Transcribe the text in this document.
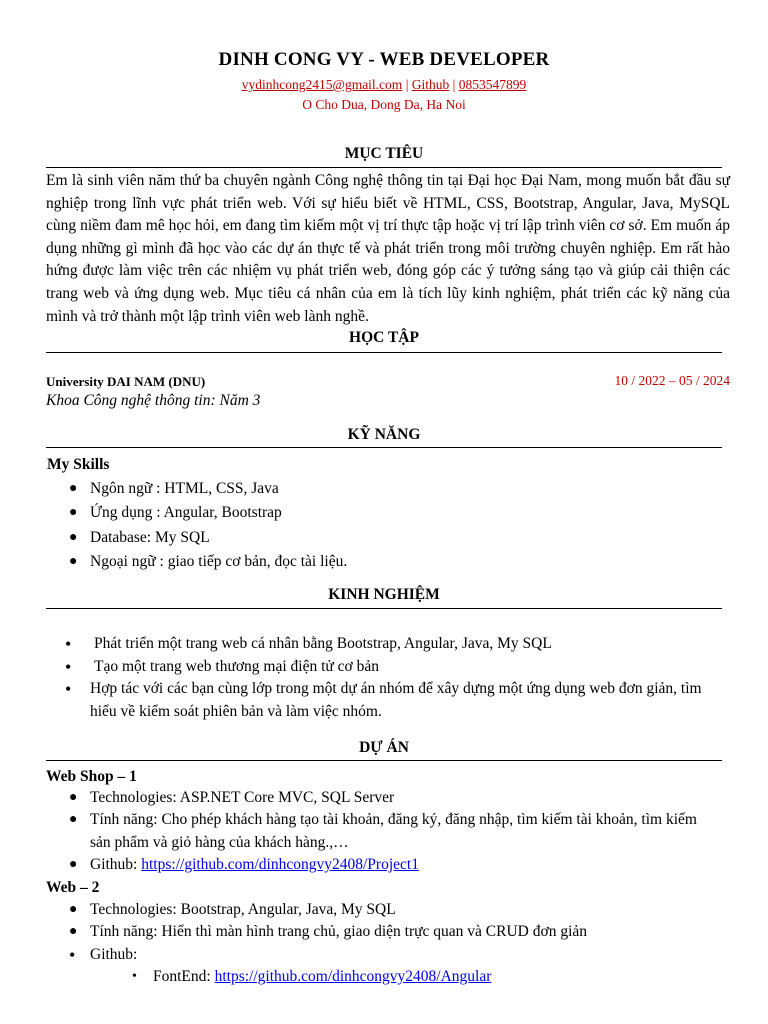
DINH CONG VY - WEB DEVELOPER
vydinhcong2415@gmail.com | Github | 0853547899
O Cho Dua, Dong Da, Ha Noi
MỤC TIÊU
Em là sinh viên năm thứ ba chuyên ngành Công nghệ thông tin tại Đại học Đại Nam, mong muốn bắt đầu sự nghiệp trong lĩnh vực phát triển web. Với sự hiểu biết về HTML, CSS, Bootstrap, Angular, Java, MySQL cùng niềm đam mê học hỏi, em đang tìm kiếm một vị trí thực tập hoặc vị trí lập trình viên cơ sở. Em muốn áp dụng những gì mình đã học vào các dự án thực tế và phát triển trong môi trường chuyên nghiệp. Em rất hào hứng được làm việc trên các nhiệm vụ phát triển web, đóng góp các ý tưởng sáng tạo và giúp cải thiện các trang web và ứng dụng web. Mục tiêu cá nhân của em là tích lũy kinh nghiệm, phát triển các kỹ năng của mình và trở thành một lập trình viên web lành nghề.
HỌC TẬP
University DAI NAM (DNU)	10 / 2022 – 05 / 2024
Khoa Công nghệ thông tin: Năm 3
KỸ NĂNG
My Skills
● Ngôn ngữ : HTML, CSS, Java
● Ứng dụng : Angular, Bootstrap
● Database: My SQL
● Ngoại ngữ : giao tiếp cơ bản, đọc tài liệu.
KINH NGHIỆM
• Phát triển một trang web cá nhân bằng Bootstrap, Angular, Java, My SQL
• Tạo một trang web thương mại điện tử cơ bản
• Hợp tác với các bạn cùng lớp trong một dự án nhóm để xây dựng một ứng dụng web đơn giản, tìm hiểu về kiểm soát phiên bản và làm việc nhóm.
DỰ ÁN
Web Shop – 1
● Technologies: ASP.NET Core MVC, SQL Server
● Tính năng: Cho phép khách hàng tạo tài khoản, đăng ký, đăng nhập, tìm kiếm tài khoản, tìm kiếm sản phẩm và giỏ hàng của khách hàng.,…
● Github: https://github.com/dinhcongvy2408/Project1
Web – 2
● Technologies: Bootstrap, Angular, Java, My SQL
● Tính năng: Hiển thì màn hình trang chủ, giao diện trực quan và CRUD đơn giản
• Github:
• FontEnd: https://github.com/dinhcongvy2408/Angular
